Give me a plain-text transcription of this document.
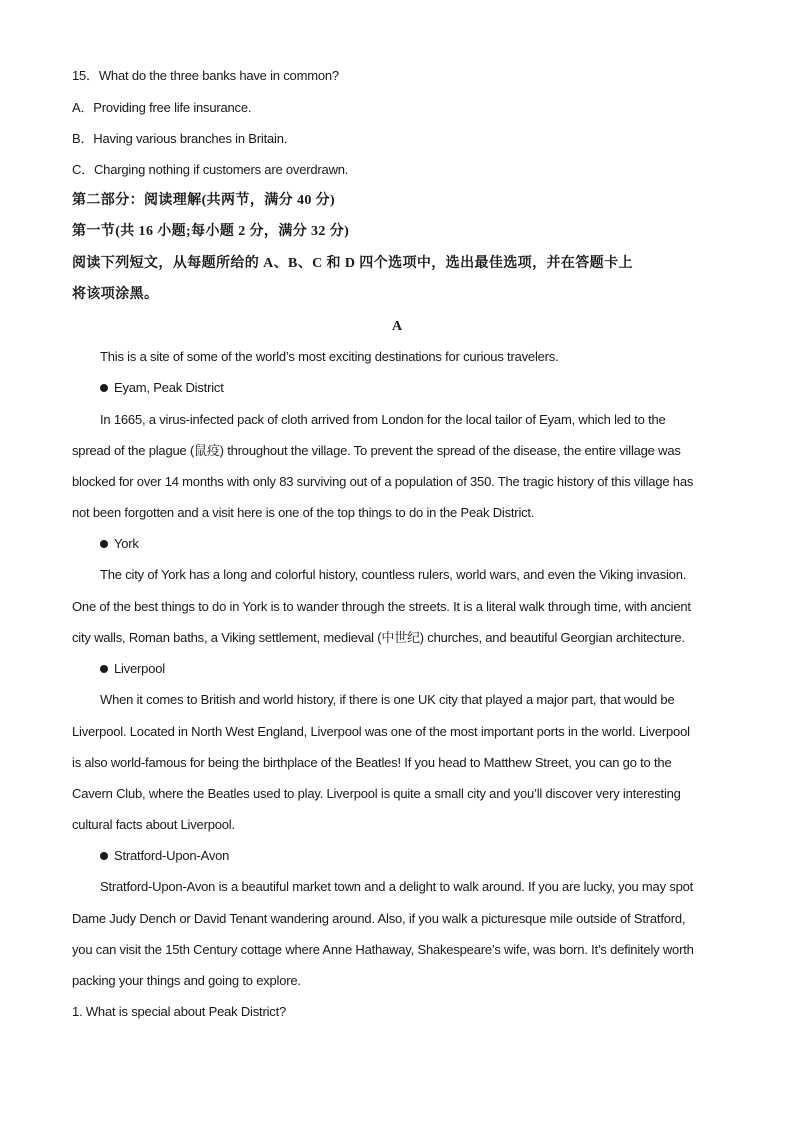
15．What do the three banks have in common?
A．Providing free life insurance.
B．Having various branches in Britain.
C．Charging nothing if customers are overdrawn.
第二部分：阅读理解(共两节，满分 40 分)
第一节(共 16 小题;每小题 2 分，满分 32 分)
阅读下列短文，从每题所给的 A、B、C 和 D 四个选项中，选出最佳选项，并在答题卡上
将该项涂黑。
A
This is a site of some of the world’s most exciting destinations for curious travelers.
Eyam, Peak District
In 1665, a virus-infected pack of cloth arrived from London for the local tailor of Eyam, which led to the
spread of the plague (鼠疫) throughout the village. To prevent the spread of the disease, the entire village was
blocked for over 14 months with only 83 surviving out of a population of 350. The tragic history of this village has
not been forgotten and a visit here is one of the top things to do in the Peak District.
York
The city of York has a long and colorful history, countless rulers, world wars, and even the Viking invasion.
One of the best things to do in York is to wander through the streets. It is a literal walk through time, with ancient
city walls, Roman baths, a Viking settlement, medieval (中世纪) churches, and beautiful Georgian architecture.
Liverpool
When it comes to British and world history, if there is one UK city that played a major part, that would be
Liverpool. Located in North West England, Liverpool was one of the most important ports in the world. Liverpool
is also world-famous for being the birthplace of the Beatles! If you head to Matthew Street, you can go to the
Cavern Club, where the Beatles used to play. Liverpool is quite a small city and you’ll discover very interesting
cultural facts about Liverpool.
Stratford-Upon-Avon
Stratford-Upon-Avon is a beautiful market town and a delight to walk around. If you are lucky, you may spot
Dame Judy Dench or David Tenant wandering around. Also, if you walk a picturesque mile outside of Stratford,
you can visit the 15th Century cottage where Anne Hathaway, Shakespeare’s wife, was born. It’s definitely worth
packing your things and going to explore.
1. What is special about Peak District?
